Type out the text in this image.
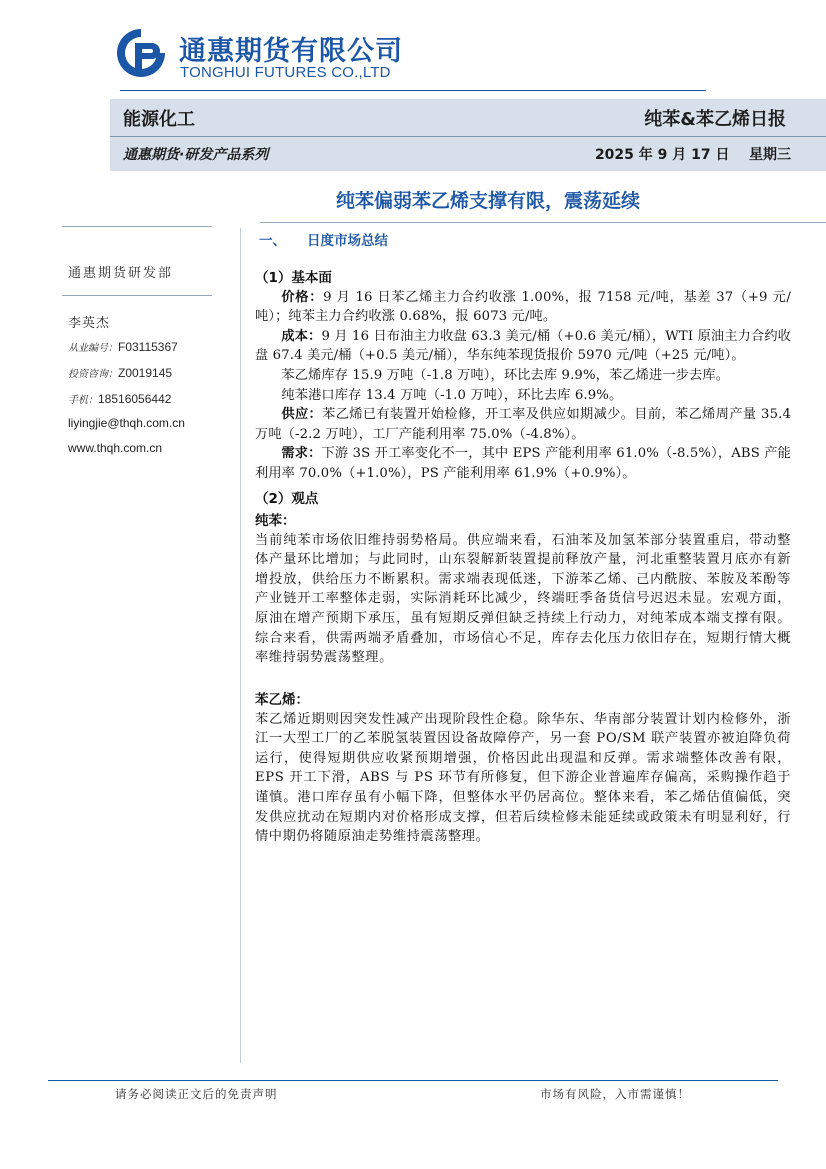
通惠期货有限公司
TONGHUI FUTURES CO.,LTD
能源化工	纯苯&苯乙烯日报
通惠期货·研发产品系列	2025 年 9 月 17 日    星期三
纯苯偏弱苯乙烯支撑有限，震荡延续
通惠期货研发部
李英杰
从业编号：F03115367
投资咨询：Z0019145
手机：18516056442
liyingjie@thqh.com.cn
www.thqh.com.cn
一、	日度市场总结
（1）基本面

价格：9 月 16 日苯乙烯主力合约收涨 1.00%，报 7158 元/吨，基差 37（+9 元/吨）；纯苯主力合约收涨 0.68%，报 6073 元/吨。

成本：9 月 16 日布油主力收盘 63.3 美元/桶（+0.6 美元/桶），WTI 原油主力合约收盘 67.4 美元/桶（+0.5 美元/桶），华东纯苯现货报价 5970 元/吨（+25 元/吨）。

苯乙烯库存 15.9 万吨（-1.8 万吨），环比去库 9.9%，苯乙烯进一步去库。

纯苯港口库存 13.4 万吨（-1.0 万吨），环比去库 6.9%。

供应：苯乙烯已有装置开始检修，开工率及供应如期减少。目前，苯乙烯周产量 35.4 万吨（-2.2 万吨），工厂产能利用率 75.0%（-4.8%）。

需求：下游 3S 开工率变化不一，其中 EPS 产能利用率 61.0%（-8.5%），ABS 产能利用率 70.0%（+1.0%），PS 产能利用率 61.9%（+0.9%）。

（2）观点
纯苯：

当前纯苯市场依旧维持弱势格局。供应端来看，石油苯及加氢苯部分装置重启，带动整体产量环比增加；与此同时，山东裂解新装置提前释放产量，河北重整装置月底亦有新增投放，供给压力不断累积。需求端表现低迷，下游苯乙烯、己内酰胺、苯胺及苯酚等产业链开工率整体走弱，实际消耗环比减少，终端旺季备货信号迟迟未显。宏观方面，原油在增产预期下承压，虽有短期反弹但缺乏持续上行动力，对纯苯成本端支撑有限。综合来看，供需两端矛盾叠加，市场信心不足，库存去化压力依旧存在，短期行情大概率维持弱势震荡整理。

苯乙烯：

苯乙烯近期则因突发性减产出现阶段性企稳。除华东、华南部分装置计划内检修外，浙江一大型工厂的乙苯脱氢装置因设备故障停产，另一套 PO/SM 联产装置亦被迫降负荷运行，使得短期供应收紧预期增强，价格因此出现温和反弹。需求端整体改善有限，EPS 开工下滑，ABS 与 PS 环节有所修复，但下游企业普遍库存偏高，采购操作趋于谨慎。港口库存虽有小幅下降，但整体水平仍居高位。整体来看，苯乙烯估值偏低，突发供应扰动在短期内对价格形成支撑，但若后续检修未能延续或政策未有明显利好，行情中期仍将随原油走势维持震荡整理。

请务必阅读正文后的免责声明	市场有风险，入市需谨慎！
